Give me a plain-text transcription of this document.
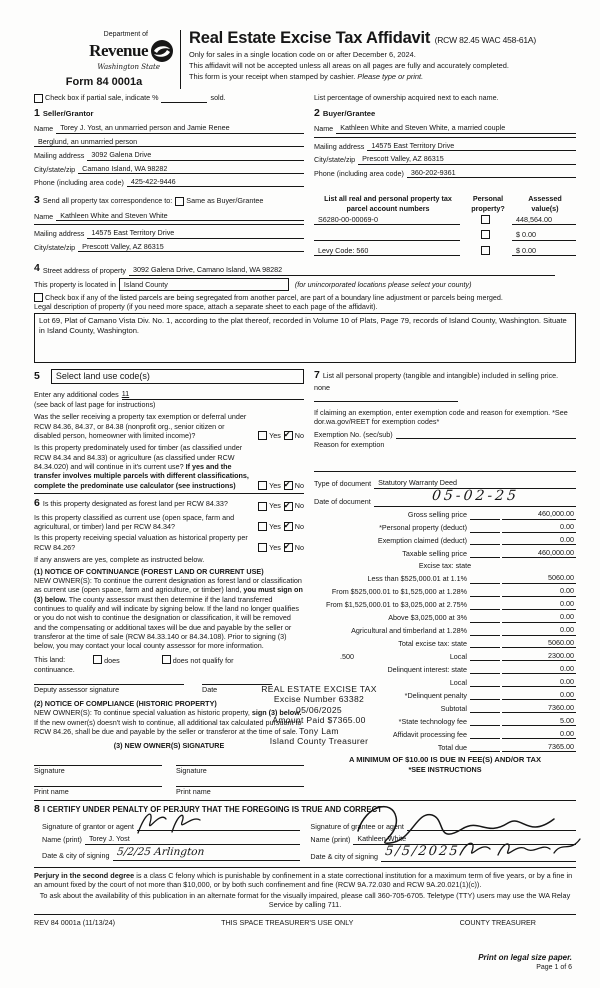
Department of
Revenue
Washington State
Form 84 0001a
Real Estate Excise Tax Affidavit (RCW 82.45 WAC 458-61A)
Only for sales in a single location code on or after December 6, 2024.
This affidavit will not be accepted unless all areas on all pages are fully and accurately completed.
This form is your receipt when stamped by cashier. Please type or print.
Check box if partial sale, indicate %	sold.	List percentage of ownership acquired next to each name.
1 Seller/Grantor
Name Torey J. Yost, an unmarried person and Jamie Renee
Berglund, an unmarried person
Mailing address 3092 Galena Drive
City/state/zip Camano Island, WA 98282
Phone (including area code) 425-422-9446
2 Buyer/Grantee
Name Kathleen White and Steven White, a married couple
Mailing address 14575 East Territory Drive
City/state/zip Prescott Valley, AZ 86315
Phone (including area code) 360-202-9361
3 Send all property tax correspondence to: Same as Buyer/Grantee
Name Kathleen White and Steven White
Mailing address 14575 East Territory Drive
City/state/zip Prescott Valley, AZ 86315
List all real and personal property tax parcel account numbers
Personal property?
Assessed value(s)
S6280-00-00069-0	448,564.00
$ 0.00
Levy Code: 560	$ 0.00
4 Street address of property 3092 Galena Drive, Camano Island, WA 98282
This property is located in	Island County	(for unincorporated locations please select your county)
Check box if any of the listed parcels are being segregated from another parcel, are part of a boundary line adjustment or parcels being merged.
Legal description of property (if you need more space, attach a separate sheet to each page of the affidavit).
Lot 69, Plat of Camano Vista Div. No. 1, according to the plat thereof, recorded in Volume 10 of Plats, Page 79, records of Island County, Washington. Situate in Island County, Washington.
5	Select land use code(s)
Enter any additional codes 11
(see back of last page for instructions)
Was the seller receiving a property tax exemption or deferral under RCW 84.36, 84.37, or 84.38 (nonprofit org., senior citizen or disabled person, homeowner with limited income)?	Yes ✔ No
Is this property predominately used for timber (as classified under RCW 84.34 and 84.33) or agriculture (as classified under RCW 84.34.020) and will continue in it's current use? If yes and the transfer involves multiple parcels with different classifications, complete the predominate use calculator (see instructions)	Yes ✔ No
6 Is this property designated as forest land per RCW 84.33?	Yes ✔ No
Is this property classified as current use (open space, farm and agricultural, or timber) land per RCW 84.34?	Yes ✔ No
Is this property receiving special valuation as historical property per RCW 84.26?	Yes ✔ No
If any answers are yes, complete as instructed below.
(1) NOTICE OF CONTINUANCE (FOREST LAND OR CURRENT USE)
NEW OWNER(S): To continue the current designation as forest land or classification as current use (open space, farm and agriculture, or timber) land, you must sign on (3) below. The county assessor must then determine if the land transferred continues to qualify and will indicate by signing below. If the land no longer qualifies or you do not wish to continue the designation or classification, it will be removed and the compensating or additional taxes will be due and payable by the seller or transferor at the time of sale (RCW 84.33.140 or 84.34.108). Prior to signing (3) below, you may contact your local county assessor for more information.
This land:	does	does not qualify for
continuance.
Deputy assessor signature	Date
(2) NOTICE OF COMPLIANCE (HISTORIC PROPERTY)
NEW OWNER(S): To continue special valuation as historic property, sign (3) below. If the new owner(s) doesn't wish to continue, all additional tax calculated pursuant to RCW 84.26, shall be due and payable by the seller or transferor at the time of sale.
(3) NEW OWNER(S) SIGNATURE
Signature	Signature
Print name	Print name
7 List all personal property (tangible and intangible) included in selling price.
none
If claiming an exemption, enter exemption code and reason for exemption. *See dor.wa.gov/REET for exemption codes*
Exemption No. (sec/sub)
Reason for exemption
Type of document Statutory Warranty Deed
Date of document	05-02-25
Gross selling price	460,000.00
*Personal property (deduct)	0.00
Exemption claimed (deduct)	0.00
Taxable selling price	460,000.00
Excise tax: state
Less than $525,000.01 at 1.1%	5060.00
From $525,000.01 to $1,525,000 at 1.28%	0.00
From $1,525,000.01 to $3,025,000 at 2.75%	0.00
Above $3,025,000 at 3%	0.00
Agricultural and timberland at 1.28%	0.00
Total excise tax: state	5060.00
.500	Local	2300.00
Delinquent interest: state	0.00
Local	0.00
*Delinquent penalty	0.00
Subtotal	7360.00
*State technology fee	5.00
Affidavit processing fee	0.00
Total due	7365.00
A MINIMUM OF $10.00 IS DUE IN FEE(S) AND/OR TAX
*SEE INSTRUCTIONS
REAL ESTATE EXCISE TAX
Excise Number 63382
05/06/2025
Amount Paid $7365.00
Tony Lam
Island County Treasurer
8 I CERTIFY UNDER PENALTY OF PERJURY THAT THE FOREGOING IS TRUE AND CORRECT
Signature of grantor or agent
Name (print) Torey J. Yost
Date & city of signing 5/2/25 Arlington
Signature of grantee or agent
Name (print) Kathleen White
Date & city of signing 5/5/2025

Perjury in the second degree is a class C felony which is punishable by confinement in a state correctional institution for a maximum term of five years, or by a fine in an amount fixed by the court of not more than $10,000, or by both such confinement and fine (RCW 9A.72.030 and RCW 9A.20.021(1)(c)).

To ask about the availability of this publication in an alternate format for the visually impaired, please call 360-705-6705. Teletype (TTY) users may use the WA Relay Service by calling 711.

REV 84 0001a (11/13/24)	THIS SPACE TREASURER'S USE ONLY	COUNTY TREASURER
Print on legal size paper.
Page 1 of 6
